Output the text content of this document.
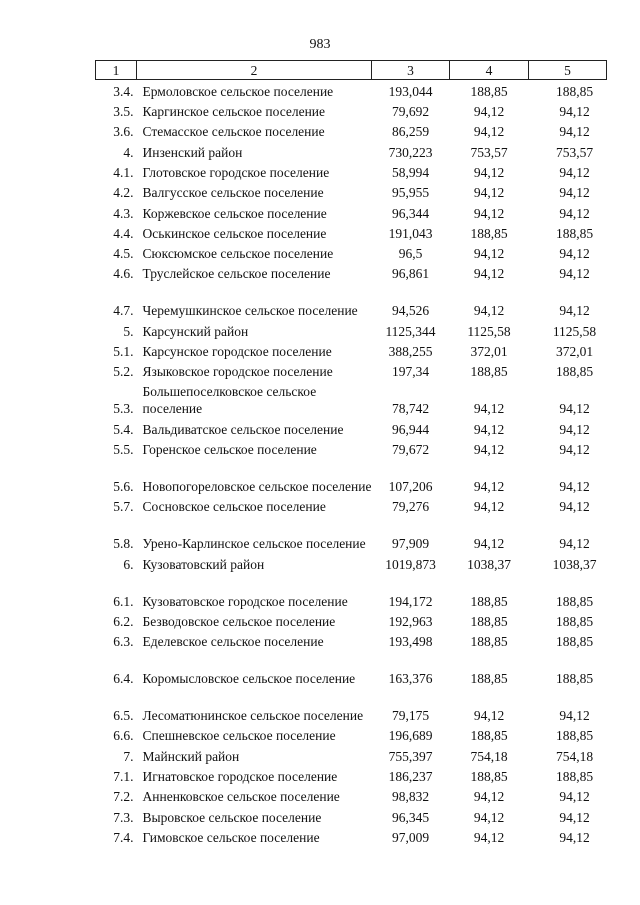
983
1	2	3	4	5
3.4.	Ермоловское сельское поселение	193,044	188,85	188,85
3.5.	Каргинское сельское поселение	79,692	94,12	94,12
3.6.	Стемасское сельское поселение	86,259	94,12	94,12
4.	Инзенский район	730,223	753,57	753,57
4.1.	Глотовское городское поселение	58,994	94,12	94,12
4.2.	Валгусское сельское поселение	95,955	94,12	94,12
4.3.	Коржевское сельское поселение	96,344	94,12	94,12
4.4.	Оськинское сельское поселение	191,043	188,85	188,85
4.5.	Сюксюмское сельское поселение	96,5	94,12	94,12
4.6.	Труслейское сельское поселение	96,861	94,12	94,12
4.7.	Черемушкинское сельское поселение	94,526	94,12	94,12
5.	Карсунский район	1125,344	1125,58	1125,58
5.1.	Карсунское городское поселение	388,255	372,01	372,01
5.2.	Языковское городское поселение	197,34	188,85	188,85
5.3.	Большепоселковское сельское поселение	78,742	94,12	94,12
5.4.	Вальдиватское сельское поселение	96,944	94,12	94,12
5.5.	Горенское сельское поселение	79,672	94,12	94,12
5.6.	Новопогореловское сельское поселение	107,206	94,12	94,12
5.7.	Сосновское сельское поселение	79,276	94,12	94,12
5.8.	Урено-Карлинское сельское поселение	97,909	94,12	94,12
6.	Кузоватовский район	1019,873	1038,37	1038,37
6.1.	Кузоватовское городское поселение	194,172	188,85	188,85
6.2.	Безводовское сельское поселение	192,963	188,85	188,85
6.3.	Еделевское сельское поселение	193,498	188,85	188,85
6.4.	Коромысловское сельское поселение	163,376	188,85	188,85
6.5.	Лесоматюнинское сельское поселение	79,175	94,12	94,12
6.6.	Спешневское сельское поселение	196,689	188,85	188,85
7.	Майнский район	755,397	754,18	754,18
7.1.	Игнатовское городское поселение	186,237	188,85	188,85
7.2.	Анненковское сельское поселение	98,832	94,12	94,12
7.3.	Выровское сельское поселение	96,345	94,12	94,12
7.4.	Гимовское сельское поселение	97,009	94,12	94,12
